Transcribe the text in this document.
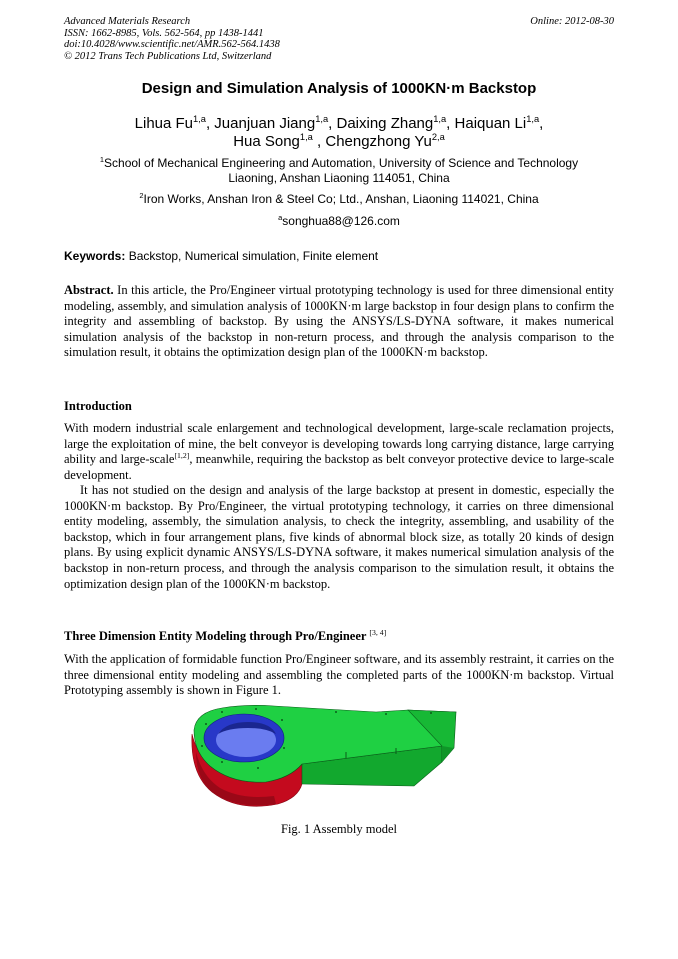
Advanced Materials Research
ISSN: 1662-8985, Vols. 562-564, pp 1438-1441
doi:10.4028/www.scientific.net/AMR.562-564.1438
© 2012 Trans Tech Publications Ltd, Switzerland
Online: 2012-08-30
Design and Simulation Analysis of 1000KN·m Backstop
Lihua Fu$^{1,a}$, Juanjuan Jiang$^{1,a}$, Daixing Zhang$^{1,a}$, Haiquan Li$^{1,a}$,
Hua Song$^{1,a}$ , Chengzhong Yu$^{2,a}$
$^1$School of Mechanical Engineering and Automation, University of Science and Technology
Liaoning, Anshan Liaoning 114051, China
$^2$Iron Works, Anshan Iron & Steel Co; Ltd., Anshan, Liaoning 114021, China
$^a$songhua88@126.com
Keywords: Backstop, Numerical simulation, Finite element
Abstract. In this article, the Pro/Engineer virtual prototyping technology is used for three dimensional entity modeling, assembly, and simulation analysis of 1000KN·m large backstop in four design plans to confirm the integrity and assembling of backstop. By using the ANSYS/LS-DYNA software, it makes numerical simulation analysis of the backstop in non-return process, and through the analysis comparison to the simulation result, it obtains the optimization design plan of the 1000KN·m backstop.
Introduction
With modern industrial scale enlargement and technological development, large-scale reclamation projects, large the exploitation of mine, the belt conveyor is developing towards long carrying distance, large carrying ability and large-scale[1,2], meanwhile, requiring the backstop as belt conveyor protective device to large-scale development.
It has not studied on the design and analysis of the large backstop at present in domestic, especially the 1000KN·m backstop. By Pro/Engineer, the virtual prototyping technology, it carries on three dimensional entity modeling, assembly, the simulation analysis, to check the integrity, assembling, and usability of the backstop, which in four arrangement plans, five kinds of abnormal block size, as totally 20 kinds of design plans. By using explicit dynamic ANSYS/LS-DYNA software, it makes numerical simulation analysis of the backstop in non-return process, and through the analysis comparison to the simulation result, it obtains the optimization design plan of the 1000KN·m backstop.
Three Dimension Entity Modeling through Pro/Engineer [3, 4]
With the application of formidable function Pro/Engineer software, and its assembly restraint, it carries on the three dimensional entity modeling and assembling the completed parts of the 1000KN·m backstop. Virtual Prototyping assembly is shown in Figure 1.
Fig. 1 Assembly model
